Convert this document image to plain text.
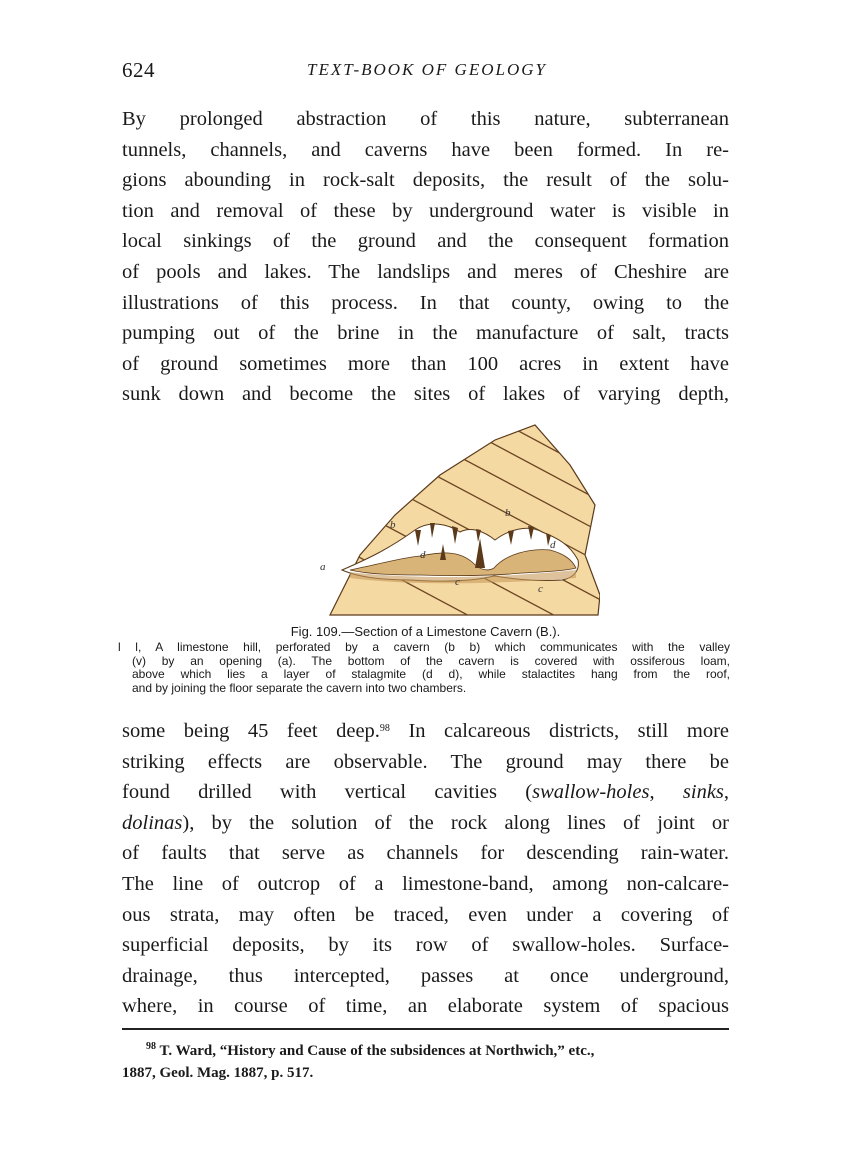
624	TEXT-BOOK OF GEOLOGY
By prolonged abstraction of this nature, subterranean
tunnels, channels, and caverns have been formed. In re-
gions abounding in rock-salt deposits, the result of the solu-
tion and removal of these by underground water is visible in
local sinkings of the ground and the consequent formation
of pools and lakes. The landslips and meres of Cheshire are
illustrations of this process. In that county, owing to the
pumping out of the brine in the manufacture of salt, tracts
of ground sometimes more than 100 acres in extent have
sunk down and become the sites of lakes of varying depth,
a
b
b
d
d
c
c
Fig. 109.—Section of a Limestone Cavern (B.).
l l, A limestone hill, perforated by a cavern (b b) which communicates with the valley
(v) by an opening (a). The bottom of the cavern is covered with ossiferous loam,
above which lies a layer of stalagmite (d d), while stalactites hang from the roof,
and by joining the floor separate the cavern into two chambers.
some being 45 feet deep.$^{98}$ In calcareous districts, still more
striking effects are observable. The ground may there be
found drilled with vertical cavities (swallow-holes, sinks,
dolinas), by the solution of the rock along lines of joint or
of faults that serve as channels for descending rain-water.
The line of outcrop of a limestone-band, among non-calcare-
ous strata, may often be traced, even under a covering of
superficial deposits, by its row of swallow-holes. Surface-
drainage, thus intercepted, passes at once underground,
where, in course of time, an elaborate system of spacious
$^{98}$ T. Ward, “History and Cause of the subsidences at Northwich,” etc.,
1887, Geol. Mag. 1887, p. 517.
